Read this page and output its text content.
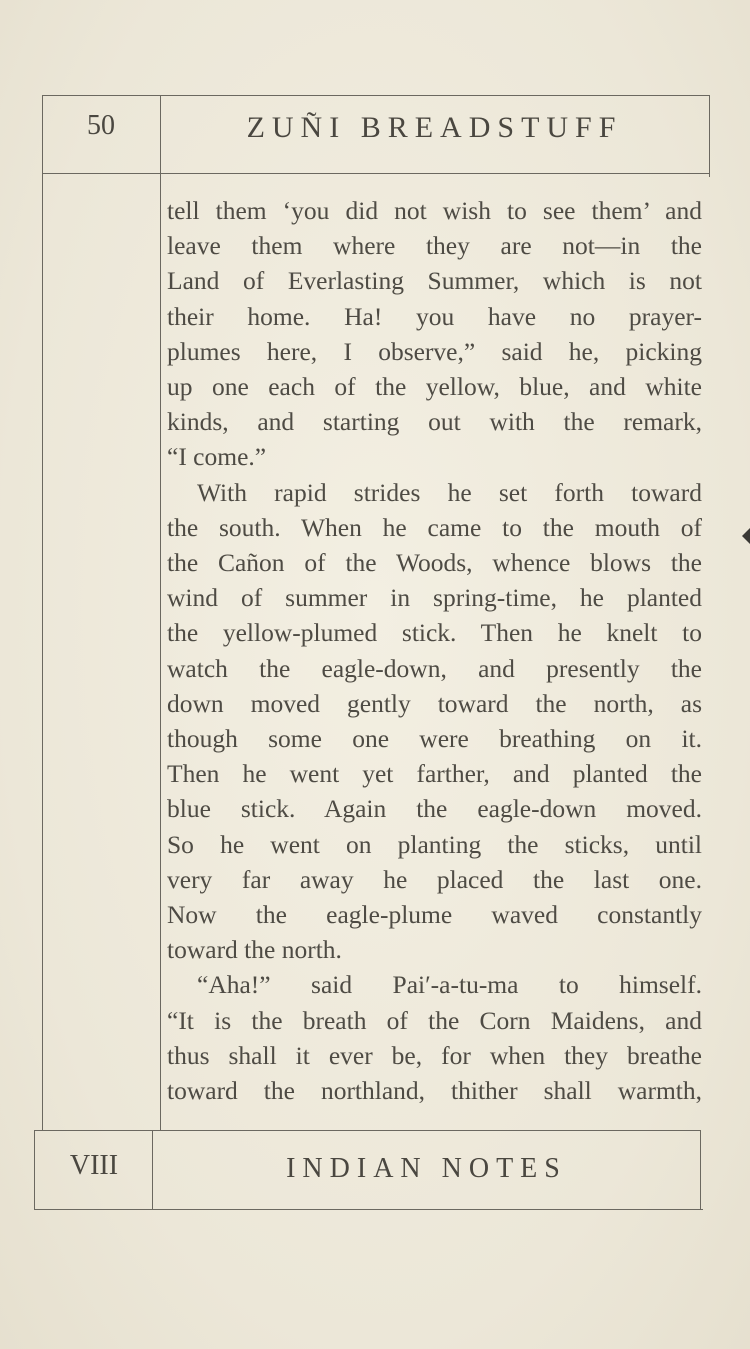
50	ZUÑI BREADSTUFF
tell them ‘you did not wish to see them’ and
leave them where they are not—in the
Land of Everlasting Summer, which is not
their home. Ha! you have no prayer-
plumes here, I observe,” said he, picking
up one each of the yellow, blue, and white
kinds, and starting out with the remark,
“I come.”
With rapid strides he set forth toward
the south. When he came to the mouth of
the Cañon of the Woods, whence blows the
wind of summer in spring-time, he planted
the yellow-plumed stick. Then he knelt to
watch the eagle-down, and presently the
down moved gently toward the north, as
though some one were breathing on it.
Then he went yet farther, and planted the
blue stick. Again the eagle-down moved.
So he went on planting the sticks, until
very far away he placed the last one.
Now the eagle-plume waved constantly
toward the north.
“Aha!” said Pai′-a-tu-ma to himself.
“It is the breath of the Corn Maidens, and
thus shall it ever be, for when they breathe
toward the northland, thither shall warmth,
VIII	INDIAN NOTES
